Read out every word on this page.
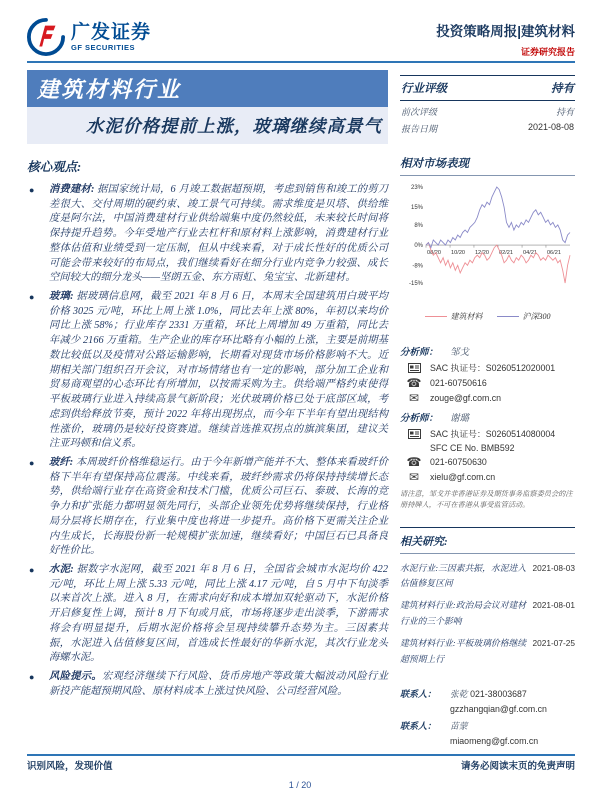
广发证券
GF SECURITIES
投资策略周报|建筑材料
证券研究报告
建筑材料行业
水泥价格提前上涨，玻璃继续高景气
核心观点:
●	消费建材: 据国家统计局，6 月竣工数据超预期，考虑到销售和竣工的剪刀差很大、交付周期的硬约束、竣工景气可持续。需求维度是贝塔、供给维度是阿尔法，中国消费建材行业供给端集中度仍然较低，未来较长时间将保持提升趋势。今年受地产行业去杠杆和原材料上涨影响，消费建材行业整体估值和业绩受到一定压制，但从中线来看，对于成长性好的优质公司可能会带来较好的布局点，我们继续看好在细分行业内竞争力较强、成长空间较大的细分龙头——坚朗五金、东方雨虹、兔宝宝、北新建材。
●	玻璃: 据玻璃信息网，截至 2021 年 8 月 6 日，本周末全国建筑用白玻平均价格 3025 元/吨，环比上周上涨 1.0%，同比去年上涨 80%，年初以来均价同比上涨 58%；行业库存 2331 万重箱，环比上周增加 49 万重箱，同比去年减少 2166 万重箱。生产企业的库存环比略有小幅的上涨，主要是前期基数比较低以及疫情对公路运输影响，长期看对现货市场价格影响不大。近期相关部门组织召开会议，对市场情绪也有一定的影响，部分加工企业和贸易商观望的心态环比有所增加，以按需采购为主。供给端严格约束使得平板玻璃行业进入持续高景气新阶段；光伏玻璃价格已处于底部区域，考虑到供给释放节奏，预计 2022 年将出现拐点，而今年下半年有望出现结构性涨价，玻璃仍是较好投资赛道。继续首选推双拐点的旗滨集团，建议关注亚玛顿和信义系。
●	玻纤: 本周玻纤价格维稳运行。由于今年新增产能并不大、整体来看玻纤价格下半年有望保持高位震荡。中线来看，玻纤纱需求仍将保持持续增长态势，供给端行业存在高资金和技术门槛，优质公司巨石、泰玻、长海的竞争力和扩张能力都明显领先同行，头部企业领先优势将继续保持，行业格局分层将长期存在，行业集中度也将进一步提升。高价格下更需关注企业内生成长，长海股份新一轮规模扩张加速，继续看好；中国巨石已具备良好性价比。
●	水泥: 据数字水泥网，截至 2021 年 8 月 6 日，全国省会城市水泥均价 422 元/吨，环比上周上涨 5.33 元/吨，同比上涨 4.17 元/吨，自 5 月中下旬淡季以来首次上涨。进入 8 月，在需求向好和成本增加双轮驱动下，水泥价格开启修复性上调，预计 8 月下旬或月底，市场将逐步走出淡季，下游需求将会有明显提升，后期水泥价格将会呈现持续攀升态势为主。三因素共振，水泥进入估值修复区间，首选成长性最好的华新水泥，其次行业龙头海螺水泥。
●	风险提示。宏观经济继续下行风险、货币房地产等政策大幅波动风险行业新投产能超预期风险、原材料成本上涨过快风险、公司经营风险。
行业评级	持有
前次评级	持有
报告日期	2021-08-08
相对市场表现
23%
15%
8%
0%
-8%
-15%
08/20 10/20 12/20 02/21 04/21 06/21
建筑材料	沪深300
分析师： 邹戈
SAC 执证号：S0260512020001
☎ 021-60750616
✉	zouge@gf.com.cn
分析师： 谢璐
SAC 执证号：S0260514080004
SFC CE No. BMB592
☎ 021-60750630
✉	xielu@gf.com.cn
请注意，邹戈并非香港证券及期货事务监察委员会的注册持牌人，不可在香港从事受监管活动。
相关研究:
2021-08-03
水泥行业:三因素共振，水泥进入估值修复区间
2021-08-01
建筑材料行业:政治局会议对建材行业的三个影响
2021-07-25
建筑材料行业:平板玻璃价格继续超预期上行
联系人：	张乾 021-38003687
gzzhangqian@gf.com.cn
联系人：	苗蒙
miaomeng@gf.com.cn
识别风险，发现价值	请务必阅读末页的免责声明
1 / 20
